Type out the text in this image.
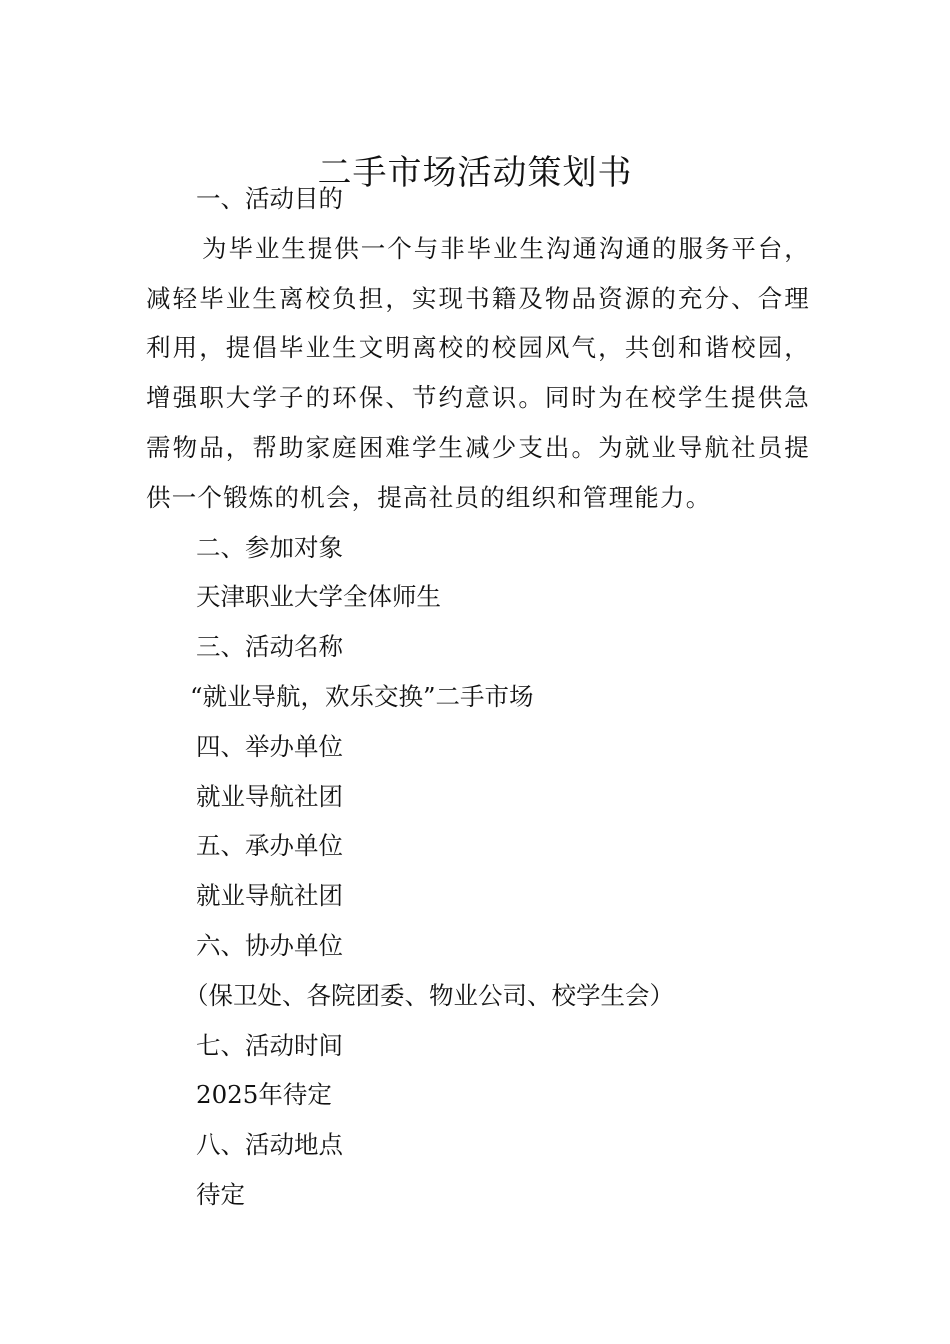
二手市场活动策划书

一、活动目的

为毕业生提供一个与非毕业生沟通沟通的服务平台，减轻毕业生离校负担，实现书籍及物品资源的充分、合理利用，提倡毕业生文明离校的校园风气，共创和谐校园，增强职大学子的环保、节约意识。同时为在校学生提供急需物品，帮助家庭困难学生减少支出。为就业导航社员提供一个锻炼的机会，提高社员的组织和管理能力。

二、参加对象

天津职业大学全体师生

三、活动名称

“就业导航，欢乐交换”二手市场

四、举办单位

就业导航社团

五、承办单位

就业导航社团

六、协办单位

（保卫处、各院团委、物业公司、校学生会）

七、活动时间

2025年待定

八、活动地点

待定
